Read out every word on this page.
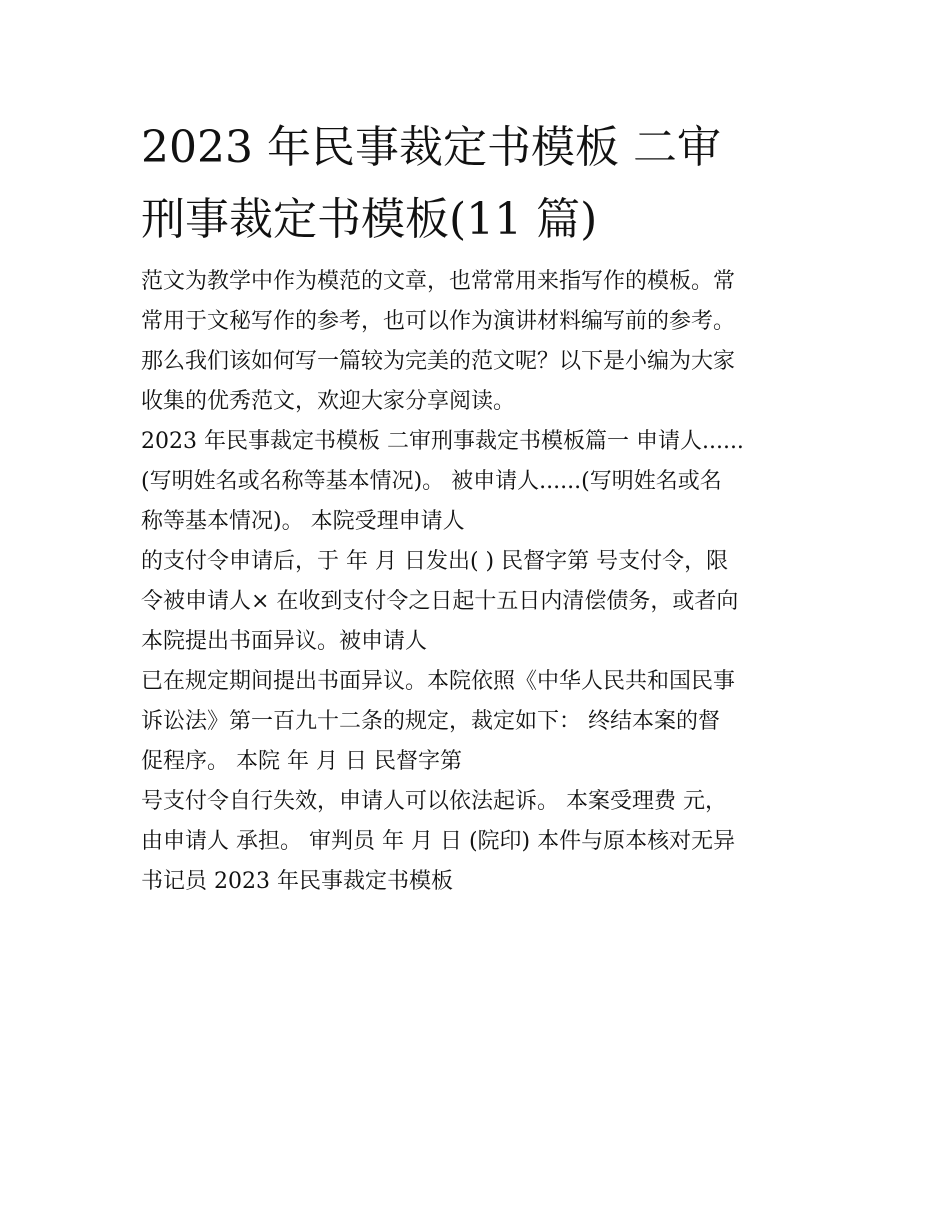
2023 年民事裁定书模板 二审
刑事裁定书模板(11 篇)
范文为教学中作为模范的文章，也常常用来指写作的模板。常
常用于文秘写作的参考，也可以作为演讲材料编写前的参考。
那么我们该如何写一篇较为完美的范文呢？以下是小编为大家
收集的优秀范文，欢迎大家分享阅读。
2023 年民事裁定书模板 二审刑事裁定书模板篇一 申请人......
(写明姓名或名称等基本情况)。 被申请人......(写明姓名或名
称等基本情况)。 本院受理申请人
的支付令申请后，于 年 月 日发出( ) 民督字第 号支付令，限
令被申请人× 在收到支付令之日起十五日内清偿债务，或者向
本院提出书面异议。被申请人
已在规定期间提出书面异议。本院依照《中华人民共和国民事
诉讼法》第一百九十二条的规定，裁定如下： 终结本案的督
促程序。 本院 年 月 日 民督字第
号支付令自行失效，申请人可以依法起诉。 本案受理费 元，
由申请人 承担。 审判员 年 月 日 (院印) 本件与原本核对无异
书记员 2023 年民事裁定书模板
